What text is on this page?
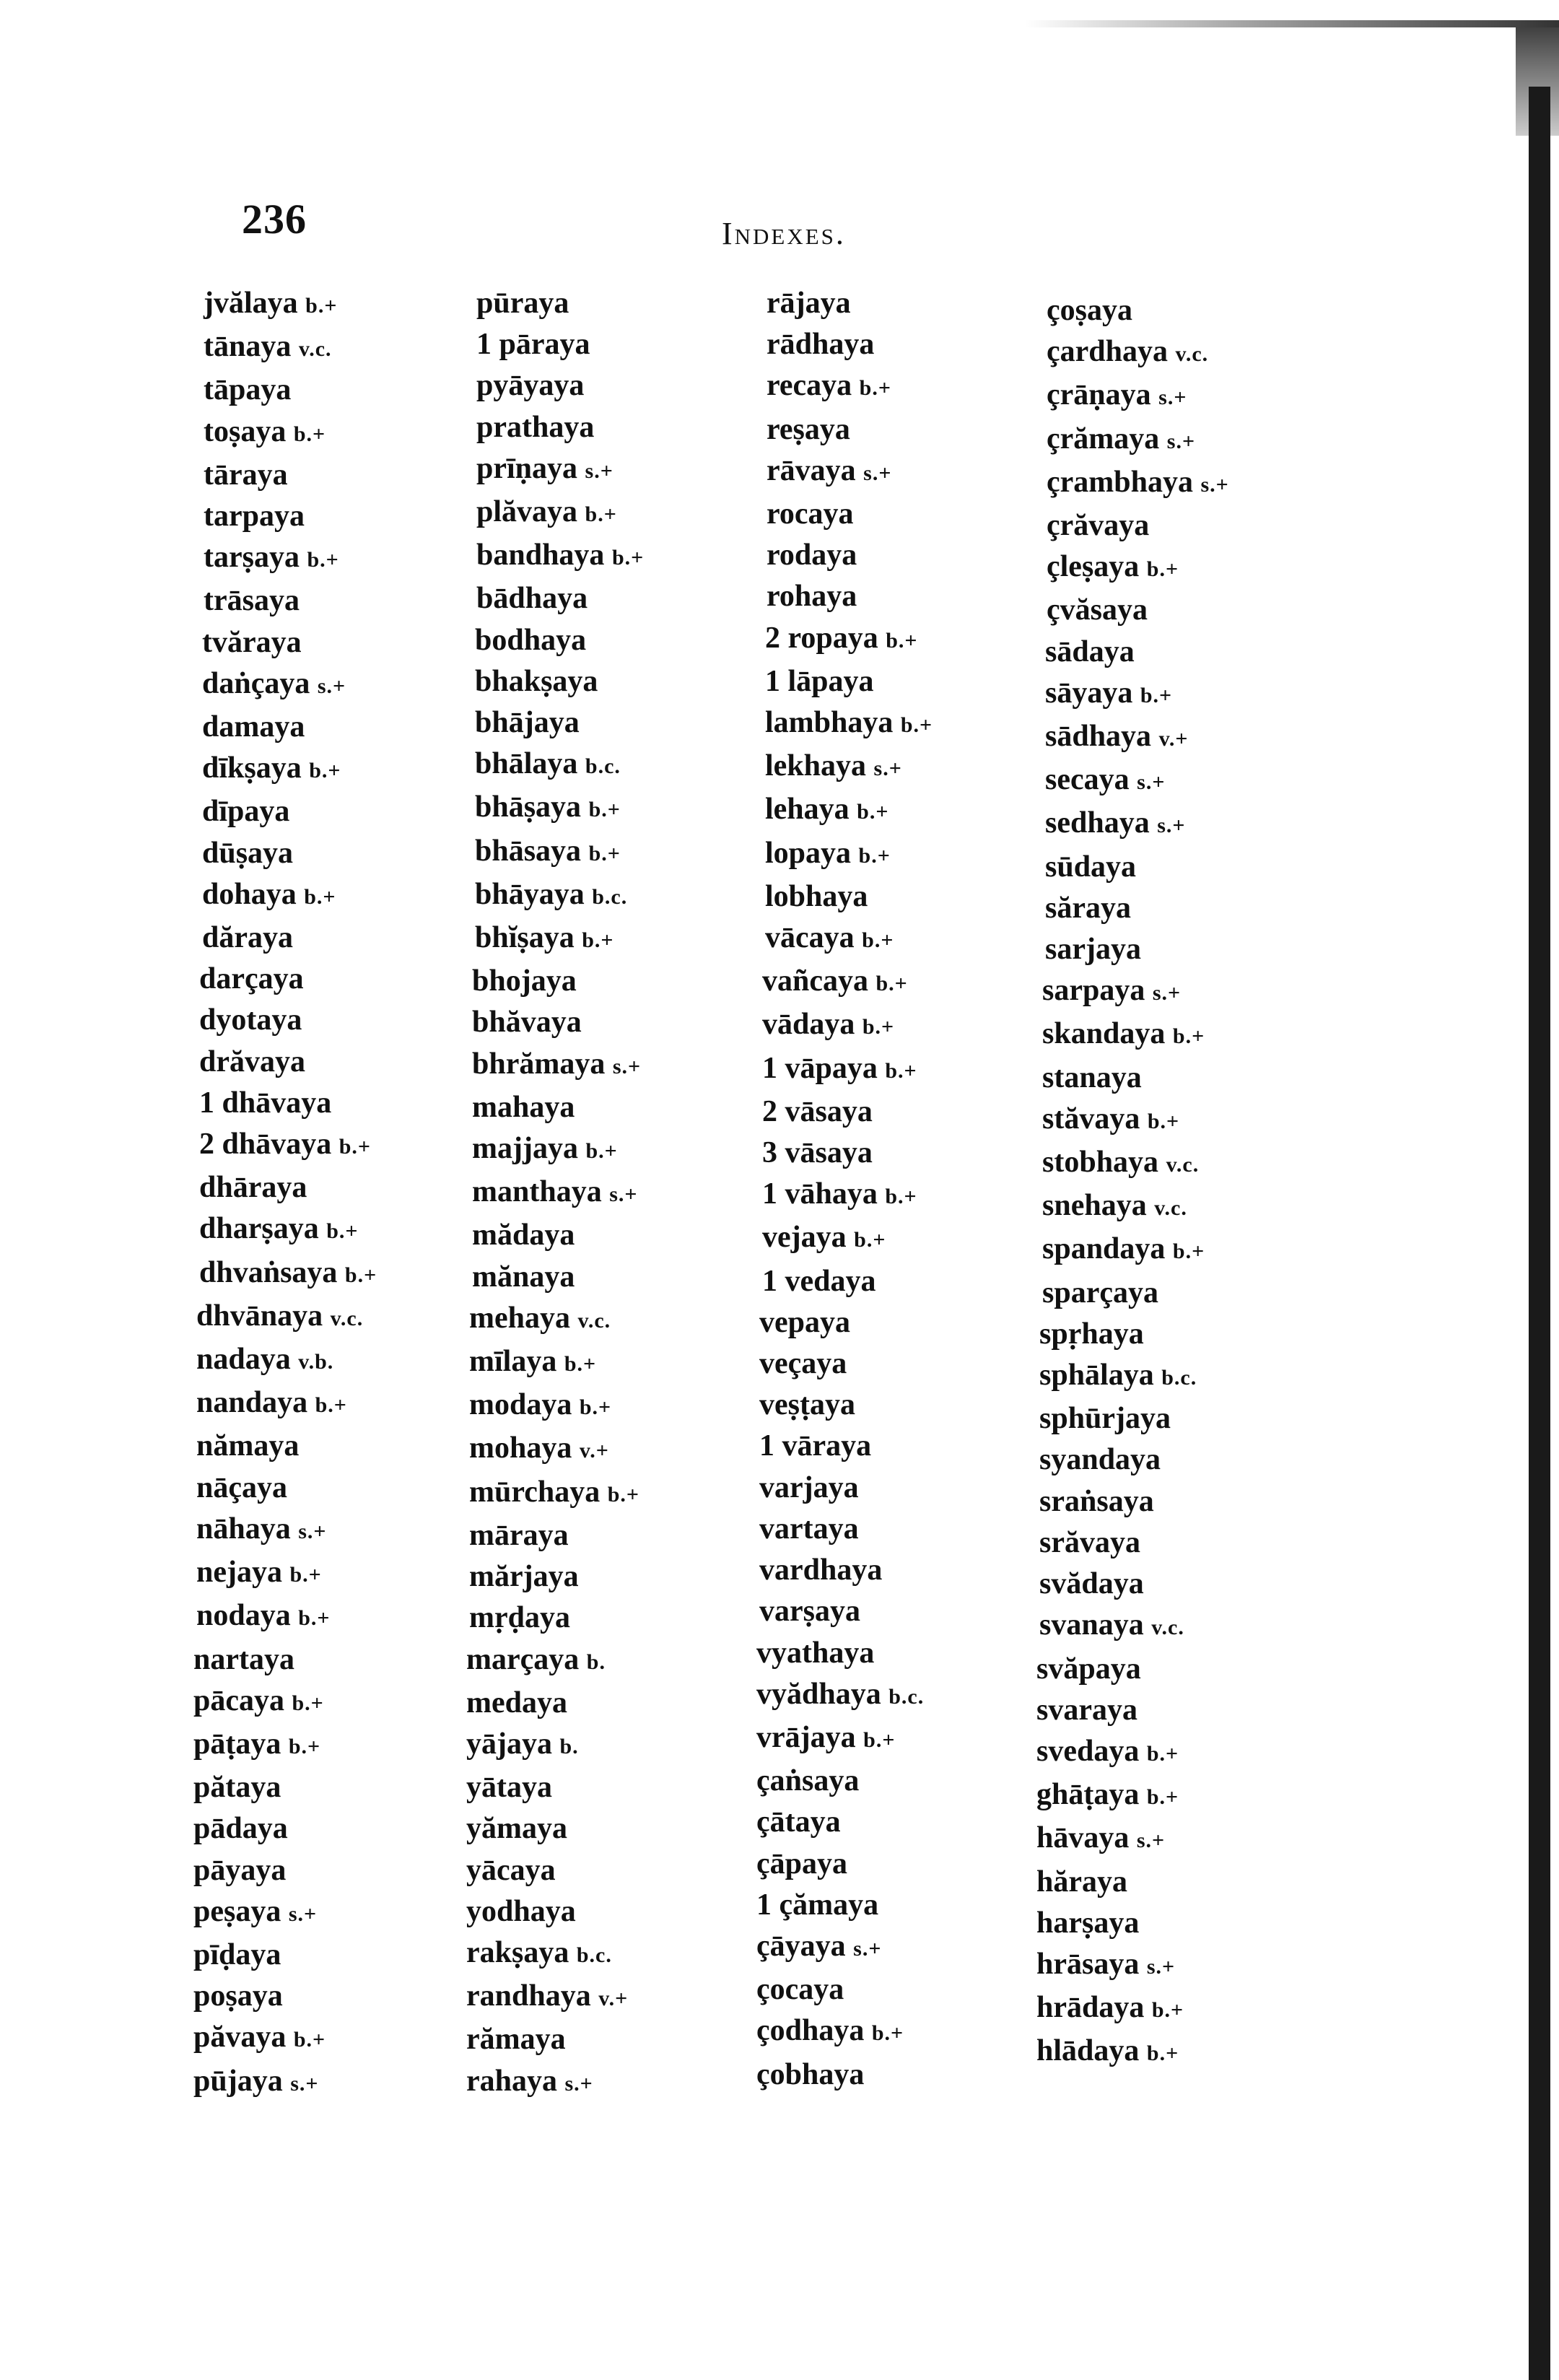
236	Indexes.
jvălaya b.+
tānaya v.c.
tāpaya
toṣaya b.+
tāraya
tarpaya
tarṣaya b.+
trāsaya
tvăraya
daṅçaya s.+
damaya
dīkṣaya b.+
dīpaya
dūṣaya
dohaya b.+
dăraya
darçaya
dyotaya
drăvaya
1 dhāvaya
2 dhāvaya b.+
dhāraya
dharṣaya b.+
dhvaṅsaya b.+
dhvānaya v.c.
nadaya v.b.
nandaya b.+
nămaya
nāçaya
nāhaya s.+
nejaya b.+
nodaya b.+
nartaya
pācaya b.+
pāṭaya b.+
pătaya
pādaya
pāyaya
peṣaya s.+
pīḍaya
poṣaya
păvaya b.+
pūjaya s.+
pūraya
1 pāraya
pyāyaya
prathaya
prīṇaya s.+
plăvaya b.+
bandhaya b.+
bādhaya
bodhaya
bhakṣaya
bhājaya
bhālaya b.c.
bhāṣaya b.+
bhāsaya b.+
bhāyaya b.c.
bhĭṣaya b.+
bhojaya
bhăvaya
bhrămaya s.+
mahaya
majjaya b.+
manthaya s.+
mădaya
mănaya
mehaya v.c.
mīlaya b.+
modaya b.+
mohaya v.+
mūrchaya b.+
māraya
mărjaya
mṛḍaya
marçaya b.
medaya
yājaya b.
yātaya
yămaya
yācaya
yodhaya
rakṣaya b.c.
randhaya v.+
rămaya
rahaya s.+
rājaya
rādhaya
recaya b.+
reṣaya
rāvaya s.+
rocaya
rodaya
rohaya
2 ropaya b.+
1 lāpaya
lambhaya b.+
lekhaya s.+
lehaya b.+
lopaya b.+
lobhaya
vācaya b.+
vañcaya b.+
vādaya b.+
1 vāpaya b.+
2 vāsaya
3 vāsaya
1 vāhaya b.+
vejaya b.+
1 vedaya
vepaya
veçaya
veṣṭaya
1 vāraya
varjaya
vartaya
vardhaya
varṣaya
vyathaya
vyădhaya b.c.
vrājaya b.+
çaṅsaya
çātaya
çāpaya
1 çămaya
çāyaya s.+
çocaya
çodhaya b.+
çobhaya
çoṣaya
çardhaya v.c.
çrāṇaya s.+
çrămaya s.+
çrambhaya s.+
çrăvaya
çleṣaya b.+
çvăsaya
sādaya
sāyaya b.+
sādhaya v.+
secaya s.+
sedhaya s.+
sūdaya
săraya
sarjaya
sarpaya s.+
skandaya b.+
stanaya
stăvaya b.+
stobhaya v.c.
snehaya v.c.
spandaya b.+
sparçaya
spṛhaya
sphālaya b.c.
sphūrjaya
syandaya
sraṅsaya
srăvaya
svădaya
svanaya v.c.
svăpaya
svaraya
svedaya b.+
ghāṭaya b.+
hāvaya s.+
hăraya
harṣaya
hrāsaya s.+
hrādaya b.+
hlādaya b.+
